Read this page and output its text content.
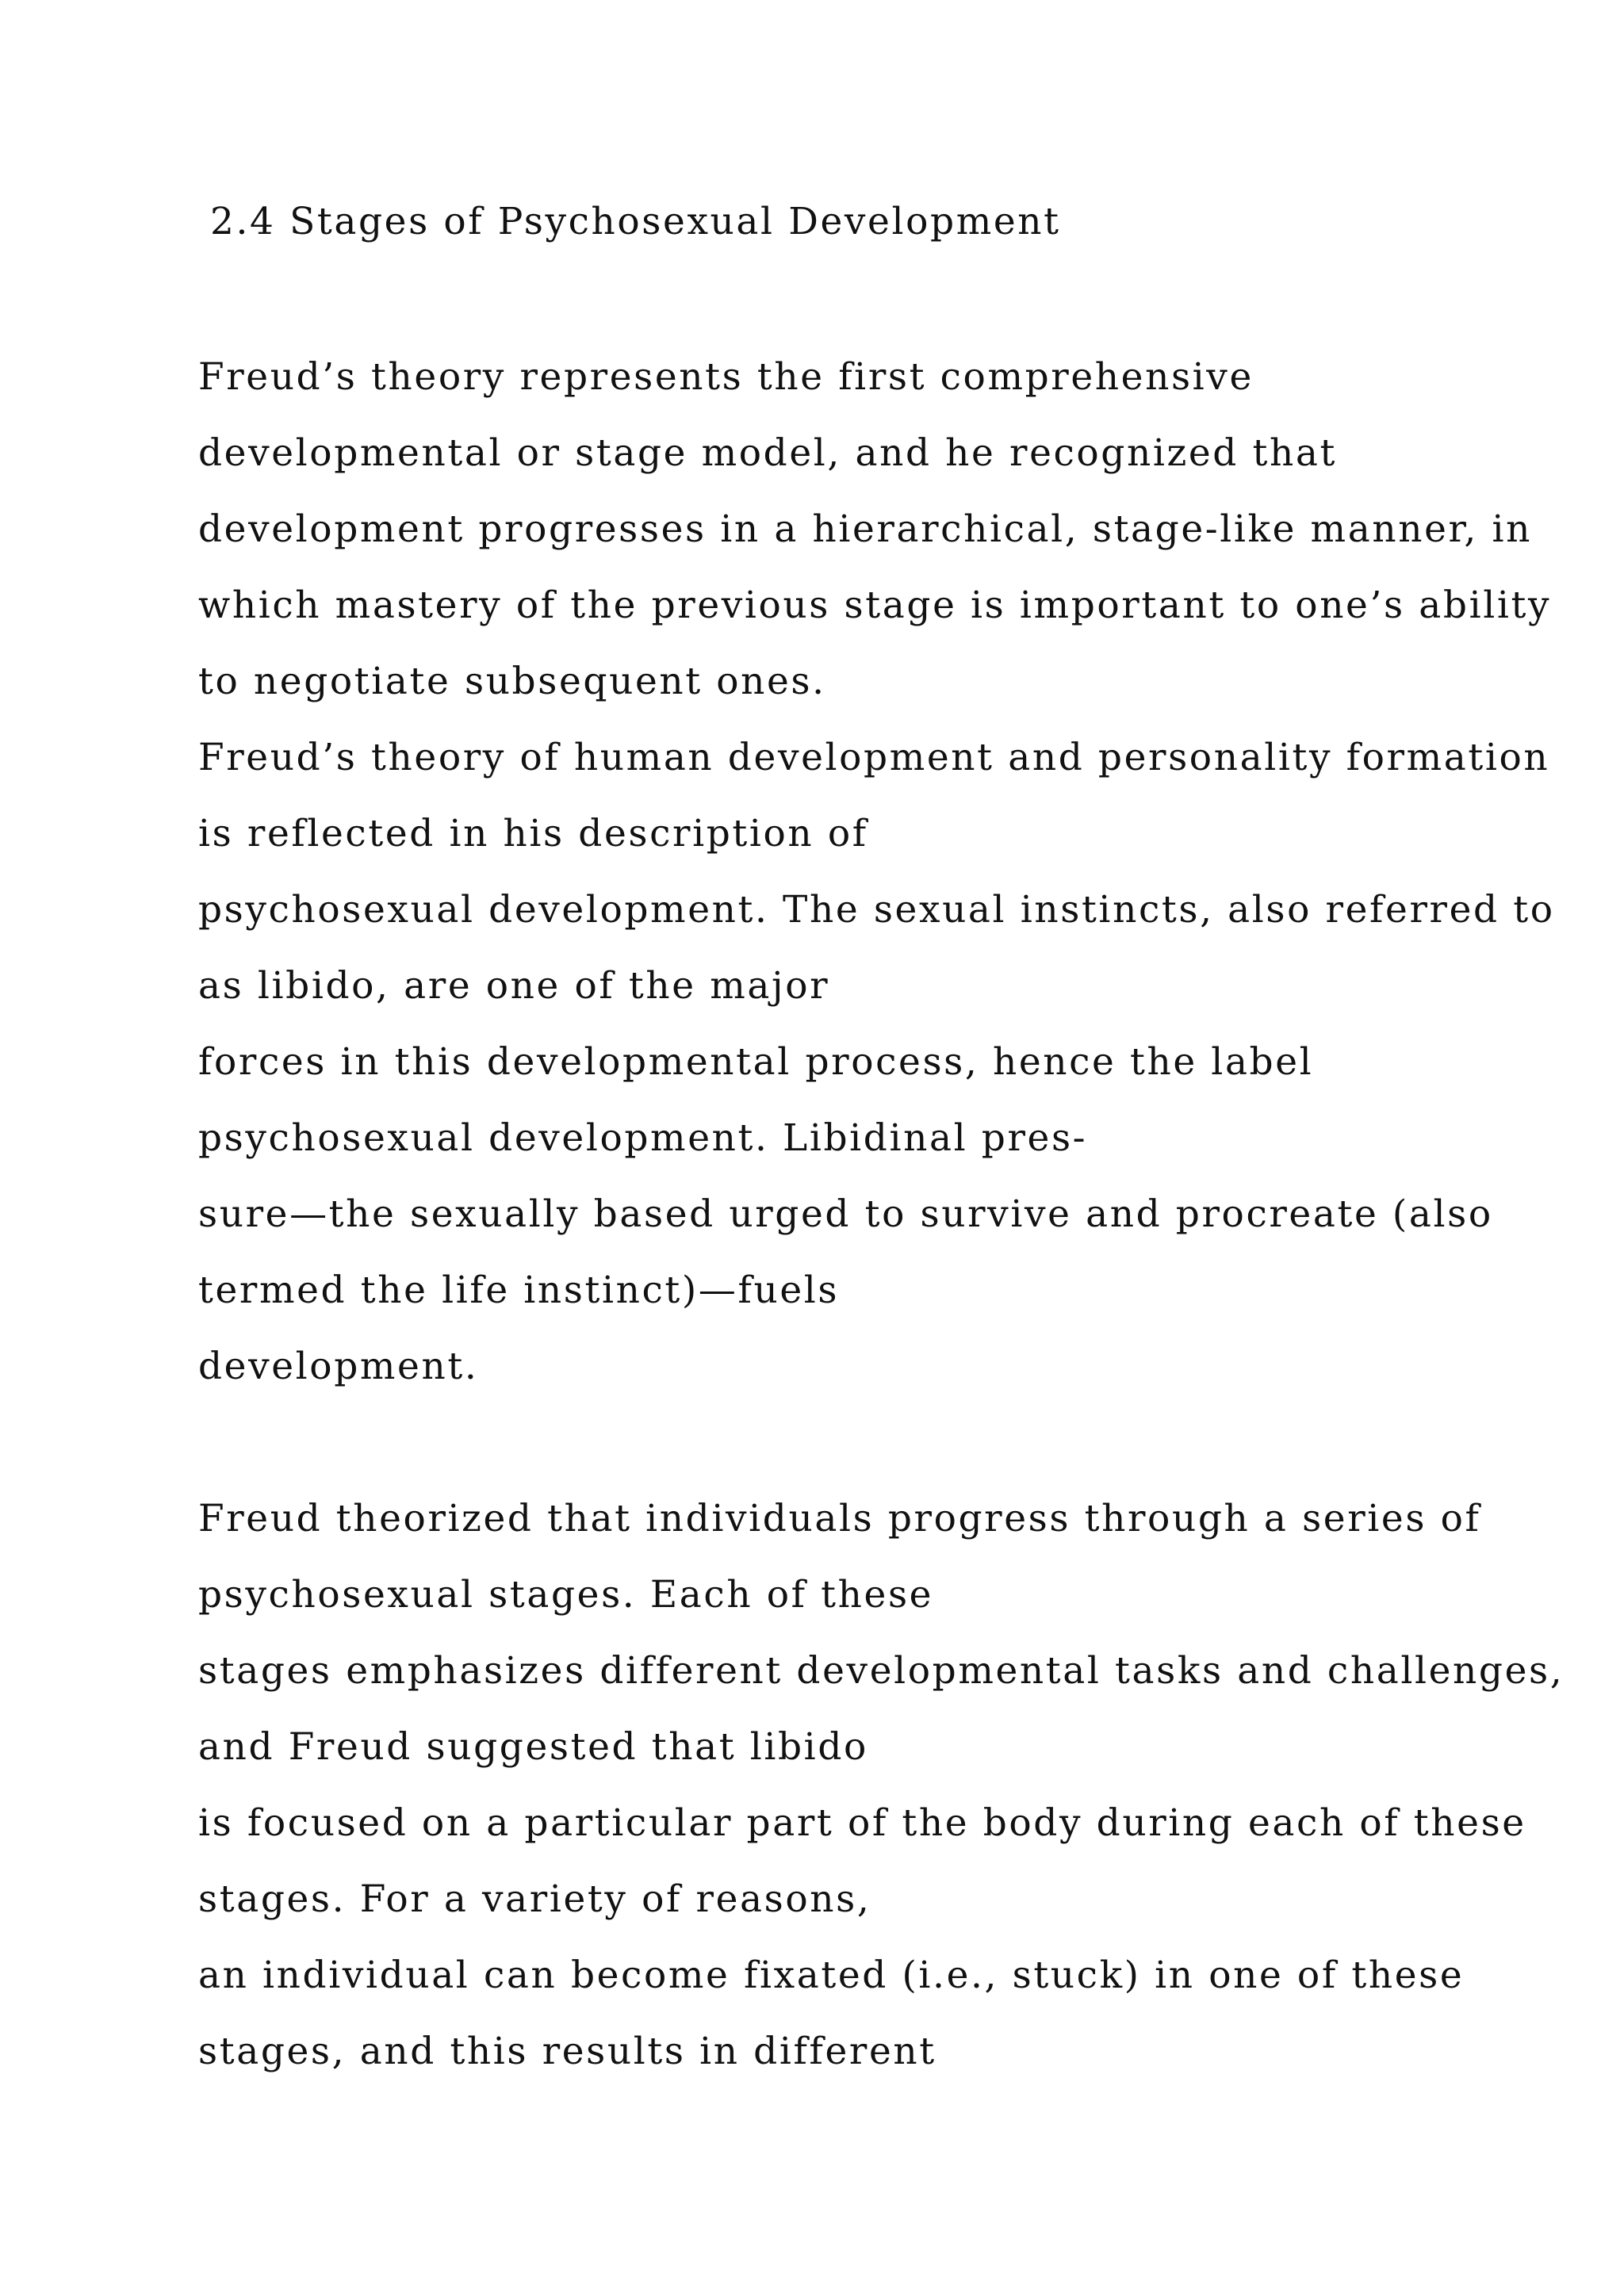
2.4 Stages of Psychosexual Development
Freud’s theory represents the first comprehensive
developmental or stage model, and he recognized that
development progresses in a hierarchical, stage-like manner, in
which mastery of the previous stage is important to one’s ability
to negotiate subsequent ones.
Freud’s theory of human development and personality formation
is reflected in his description of
psychosexual development. The sexual instincts, also referred to
as libido, are one of the major
forces in this developmental process, hence the label
psychosexual development. Libidinal pres-
sure—the sexually based urged to survive and procreate (also
termed the life instinct)—fuels
development.
Freud theorized that individuals progress through a series of
psychosexual stages. Each of these
stages emphasizes different developmental tasks and challenges,
and Freud suggested that libido
is focused on a particular part of the body during each of these
stages. For a variety of reasons,
an individual can become fixated (i.e., stuck) in one of these
stages, and this results in different
